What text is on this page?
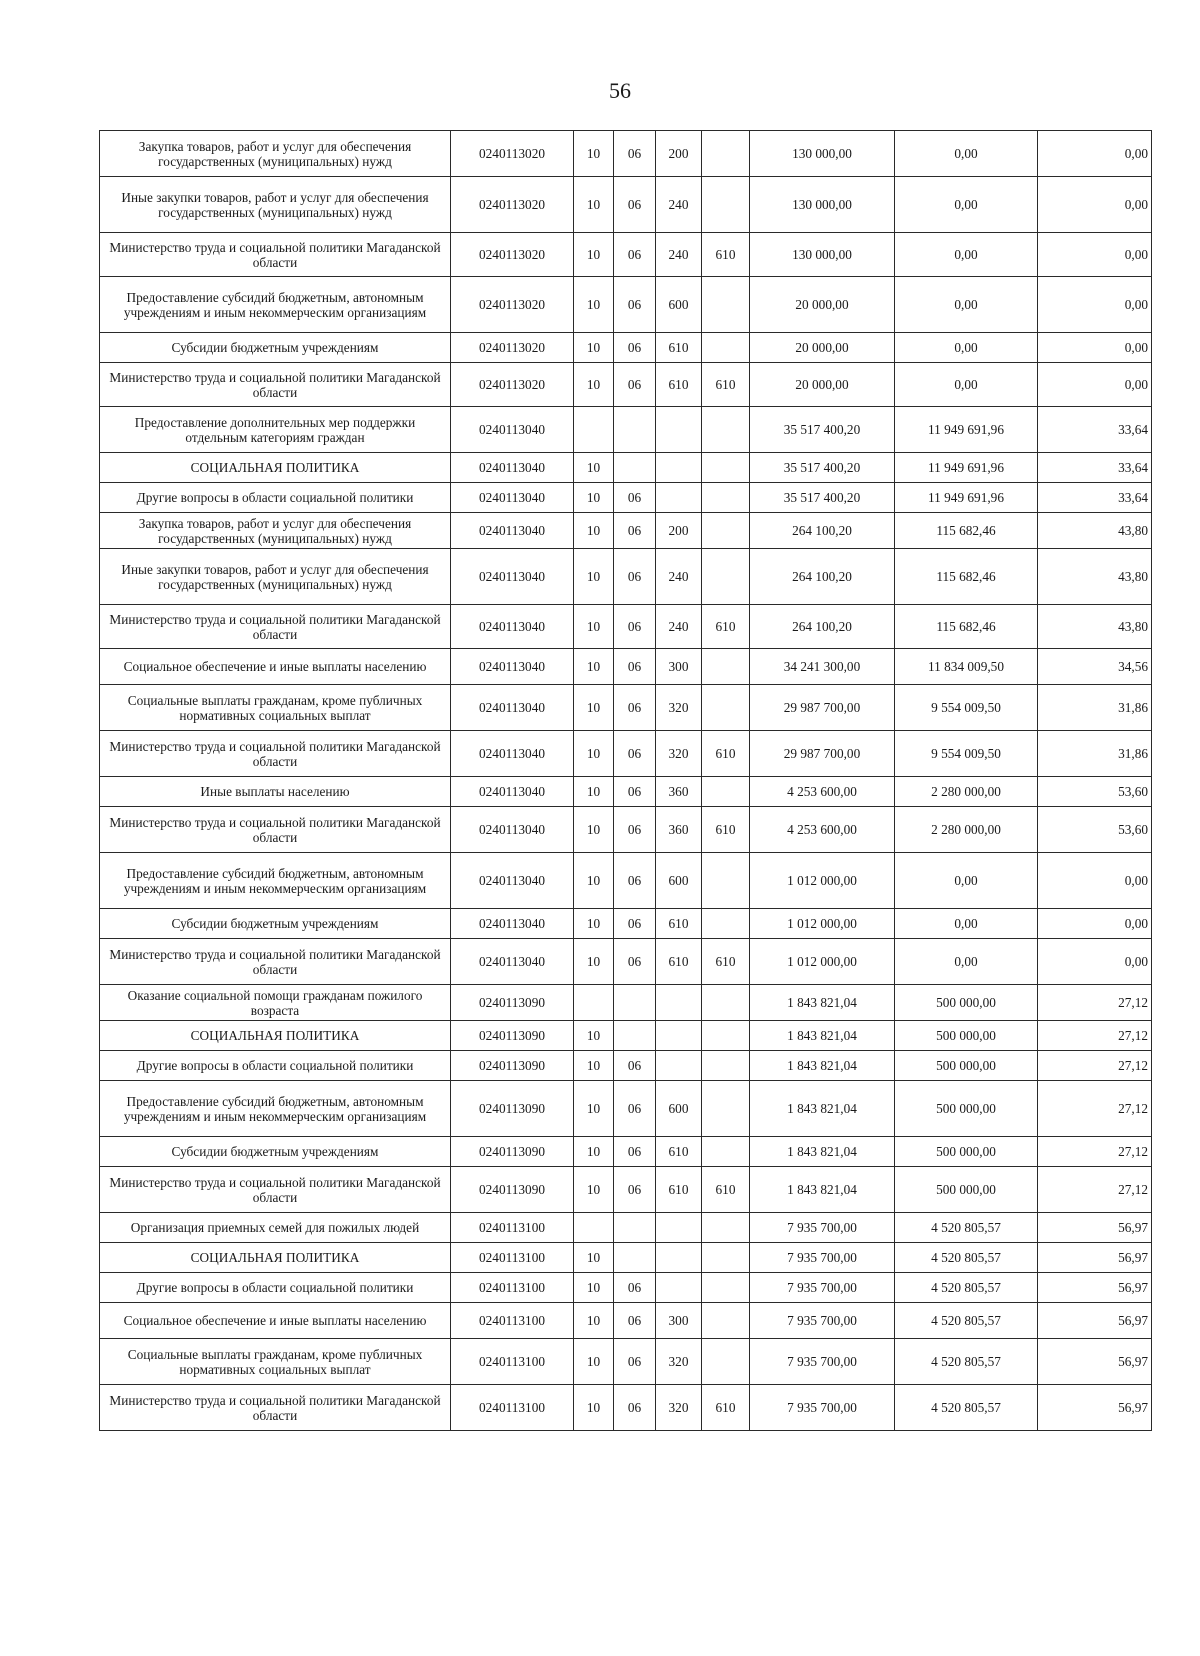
56
Закупка товаров, работ и услуг для обеспечения государственных (муниципальных) нужд	0240113020	10	06	200		130 000,00	0,00	0,00
Иные закупки товаров, работ и услуг для обеспечения государственных (муниципальных) нужд	0240113020	10	06	240		130 000,00	0,00	0,00
Министерство труда и социальной политики Магаданской области	0240113020	10	06	240	610	130 000,00	0,00	0,00
Предоставление субсидий бюджетным, автономным учреждениям и иным некоммерческим организациям	0240113020	10	06	600		20 000,00	0,00	0,00
Субсидии бюджетным учреждениям	0240113020	10	06	610		20 000,00	0,00	0,00
Министерство труда и социальной политики Магаданской области	0240113020	10	06	610	610	20 000,00	0,00	0,00
Предоставление дополнительных мер поддержки отдельным категориям граждан	0240113040					35 517 400,20	11 949 691,96	33,64
СОЦИАЛЬНАЯ ПОЛИТИКА	0240113040	10				35 517 400,20	11 949 691,96	33,64
Другие вопросы в области социальной политики	0240113040	10	06			35 517 400,20	11 949 691,96	33,64
Закупка товаров, работ и услуг для обеспечения государственных (муниципальных) нужд	0240113040	10	06	200		264 100,20	115 682,46	43,80
Иные закупки товаров, работ и услуг для обеспечения государственных (муниципальных) нужд	0240113040	10	06	240		264 100,20	115 682,46	43,80
Министерство труда и социальной политики Магаданской области	0240113040	10	06	240	610	264 100,20	115 682,46	43,80
Социальное обеспечение и иные выплаты населению	0240113040	10	06	300		34 241 300,00	11 834 009,50	34,56
Социальные выплаты гражданам, кроме публичных нормативных социальных выплат	0240113040	10	06	320		29 987 700,00	9 554 009,50	31,86
Министерство труда и социальной политики Магаданской области	0240113040	10	06	320	610	29 987 700,00	9 554 009,50	31,86
Иные выплаты населению	0240113040	10	06	360		4 253 600,00	2 280 000,00	53,60
Министерство труда и социальной политики Магаданской области	0240113040	10	06	360	610	4 253 600,00	2 280 000,00	53,60
Предоставление субсидий бюджетным, автономным учреждениям и иным некоммерческим организациям	0240113040	10	06	600		1 012 000,00	0,00	0,00
Субсидии бюджетным учреждениям	0240113040	10	06	610		1 012 000,00	0,00	0,00
Министерство труда и социальной политики Магаданской области	0240113040	10	06	610	610	1 012 000,00	0,00	0,00
Оказание социальной помощи гражданам пожилого возраста	0240113090					1 843 821,04	500 000,00	27,12
СОЦИАЛЬНАЯ ПОЛИТИКА	0240113090	10				1 843 821,04	500 000,00	27,12
Другие вопросы в области социальной политики	0240113090	10	06			1 843 821,04	500 000,00	27,12
Предоставление субсидий бюджетным, автономным учреждениям и иным некоммерческим организациям	0240113090	10	06	600		1 843 821,04	500 000,00	27,12
Субсидии бюджетным учреждениям	0240113090	10	06	610		1 843 821,04	500 000,00	27,12
Министерство труда и социальной политики Магаданской области	0240113090	10	06	610	610	1 843 821,04	500 000,00	27,12
Организация приемных семей для пожилых людей	0240113100					7 935 700,00	4 520 805,57	56,97
СОЦИАЛЬНАЯ ПОЛИТИКА	0240113100	10				7 935 700,00	4 520 805,57	56,97
Другие вопросы в области социальной политики	0240113100	10	06			7 935 700,00	4 520 805,57	56,97
Социальное обеспечение и иные выплаты населению	0240113100	10	06	300		7 935 700,00	4 520 805,57	56,97
Социальные выплаты гражданам, кроме публичных нормативных социальных выплат	0240113100	10	06	320		7 935 700,00	4 520 805,57	56,97
Министерство труда и социальной политики Магаданской области	0240113100	10	06	320	610	7 935 700,00	4 520 805,57	56,97
